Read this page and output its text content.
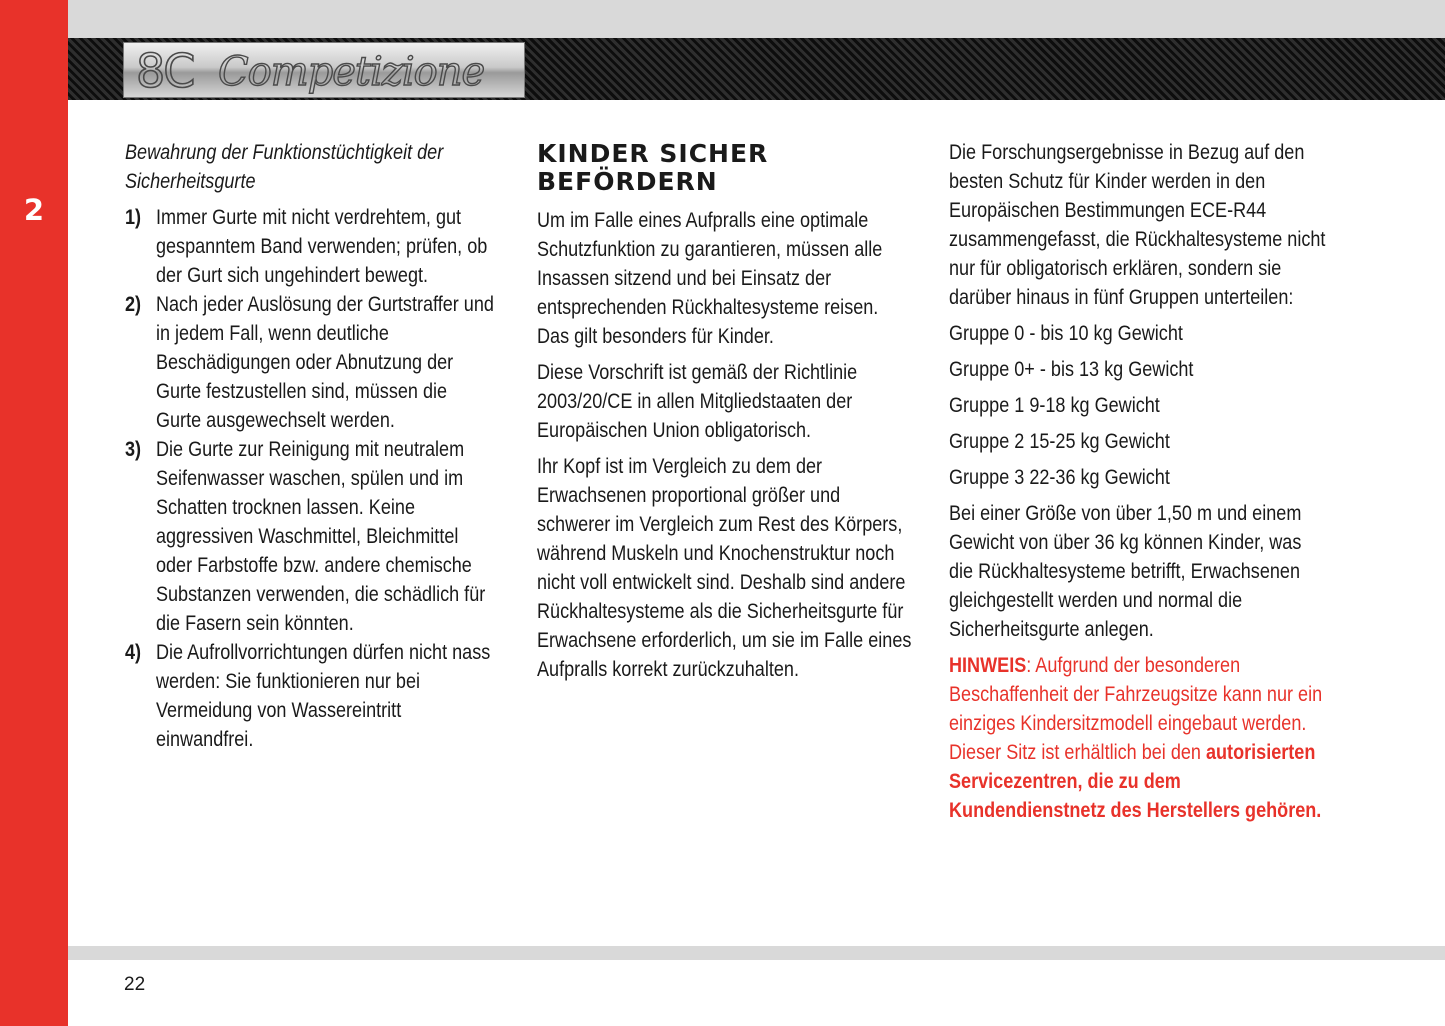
2
8C Competizione

Bewahrung der Funktionstüchtigkeit der Sicherheitsgurte

1) Immer Gurte mit nicht verdrehtem, gut gespanntem Band verwenden; prüfen, ob der Gurt sich ungehindert bewegt.
2) Nach jeder Auslösung der Gurtstraffer und in jedem Fall, wenn deutliche Beschädigungen oder Abnutzung der Gurte festzustellen sind, müssen die Gurte ausgewechselt werden.
3) Die Gurte zur Reinigung mit neutralem Seifenwasser waschen, spülen und im Schatten trocknen lassen. Keine aggressiven Waschmittel, Bleichmittel oder Farbstoffe bzw. andere chemische Substanzen verwenden, die schädlich für die Fasern sein könnten.
4) Die Aufrollvorrichtungen dürfen nicht nass werden: Sie funktionieren nur bei Vermeidung von Wassereintritt einwandfrei.
KINDER SICHER BEFÖRDERN

Um im Falle eines Aufpralls eine optimale Schutzfunktion zu garantieren, müssen alle Insassen sitzend und bei Einsatz der entsprechenden Rückhaltesysteme reisen. Das gilt besonders für Kinder.

Diese Vorschrift ist gemäß der Richtlinie 2003/20/CE in allen Mitgliedstaaten der Europäischen Union obligatorisch.

Ihr Kopf ist im Vergleich zu dem der Erwachsenen proportional größer und schwerer im Vergleich zum Rest des Körpers, während Muskeln und Knochenstruktur noch nicht voll entwickelt sind. Deshalb sind andere Rückhaltesysteme als die Sicherheitsgurte für Erwachsene erforderlich, um sie im Falle eines Aufpralls korrekt zurückzuhalten.

Die Forschungsergebnisse in Bezug auf den besten Schutz für Kinder werden in den Europäischen Bestimmungen ECE-R44 zusammengefasst, die Rückhaltesysteme nicht nur für obligatorisch erklären, sondern sie darüber hinaus in fünf Gruppen unterteilen:

Gruppe 0 - bis 10 kg Gewicht

Gruppe 0+ - bis 13 kg Gewicht

Gruppe 1 9-18 kg Gewicht

Gruppe 2 15-25 kg Gewicht

Gruppe 3 22-36 kg Gewicht

Bei einer Größe von über 1,50 m und einem Gewicht von über 36 kg können Kinder, was die Rückhaltesysteme betrifft, Erwachsenen gleichgestellt werden und normal die Sicherheitsgurte anlegen.

HINWEIS: Aufgrund der besonderen Beschaffenheit der Fahrzeugsitze kann nur ein einziges Kindersitzmodell eingebaut werden. Dieser Sitz ist erhältlich bei den autorisierten Servicezentren, die zu dem Kundendienstnetz des Herstellers gehören.

22
